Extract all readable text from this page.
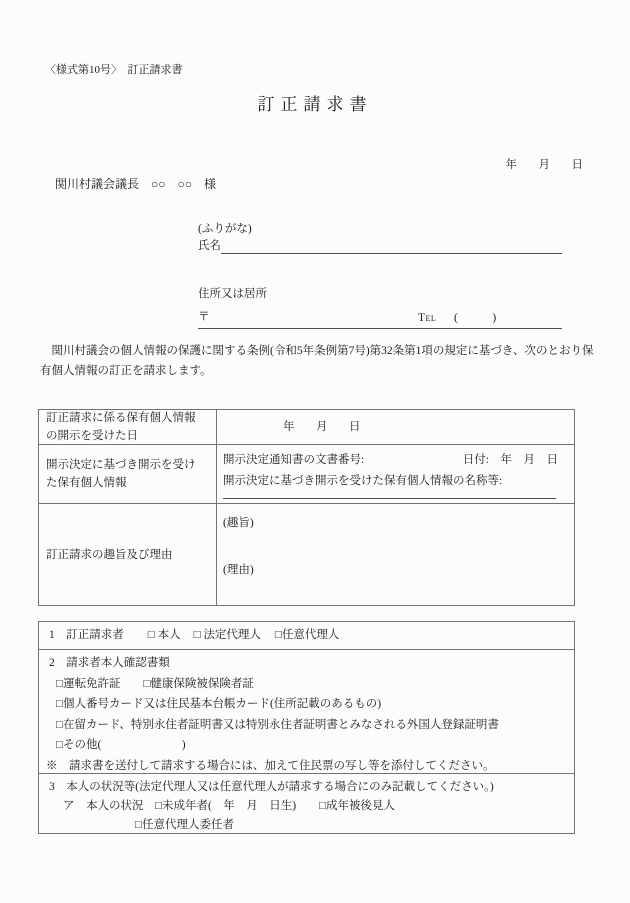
〈様式第10号〉　訂正請求書
訂正請求書
年　月　日
関川村議会議長　○○　○○　様
(ふりがな)
氏名
住所又は居所
〒	Tel (　　　)

　関川村議会の個人情報の保護に関する条例(令和5年条例第7号)第32条第1項の規定に基づき、次のとおり保有個人情報の訂正を請求します。

訂正請求に係る保有個人情報の開示を受けた日
年　月　日
開示決定に基づき開示を受けた保有個人情報
開示決定通知書の文書番号:	日付:　年　月　日
開示決定に基づき開示を受けた保有個人情報の名称等:
訂正請求の趣旨及び理由
(趣旨)
(理由)
1　訂正請求者 □ 本人 □ 法定代理人 □任意代理人
2　請求者本人確認書類
□運転免許証　　□健康保険被保険者証
□個人番号カード又は住民基本台帳カード(住所記載のあるもの)
□在留カード、特別永住者証明書又は特別永住者証明書とみなされる外国人登録証明書
□その他(　　　　　　　)
※　請求書を送付して請求する場合には、加えて住民票の写し等を添付してください。
3　本人の状況等(法定代理人又は任意代理人が請求する場合にのみ記載してください。)
ア　本人の状況　□未成年者(　年　月　日生)　　□成年被後見人
□任意代理人委任者
